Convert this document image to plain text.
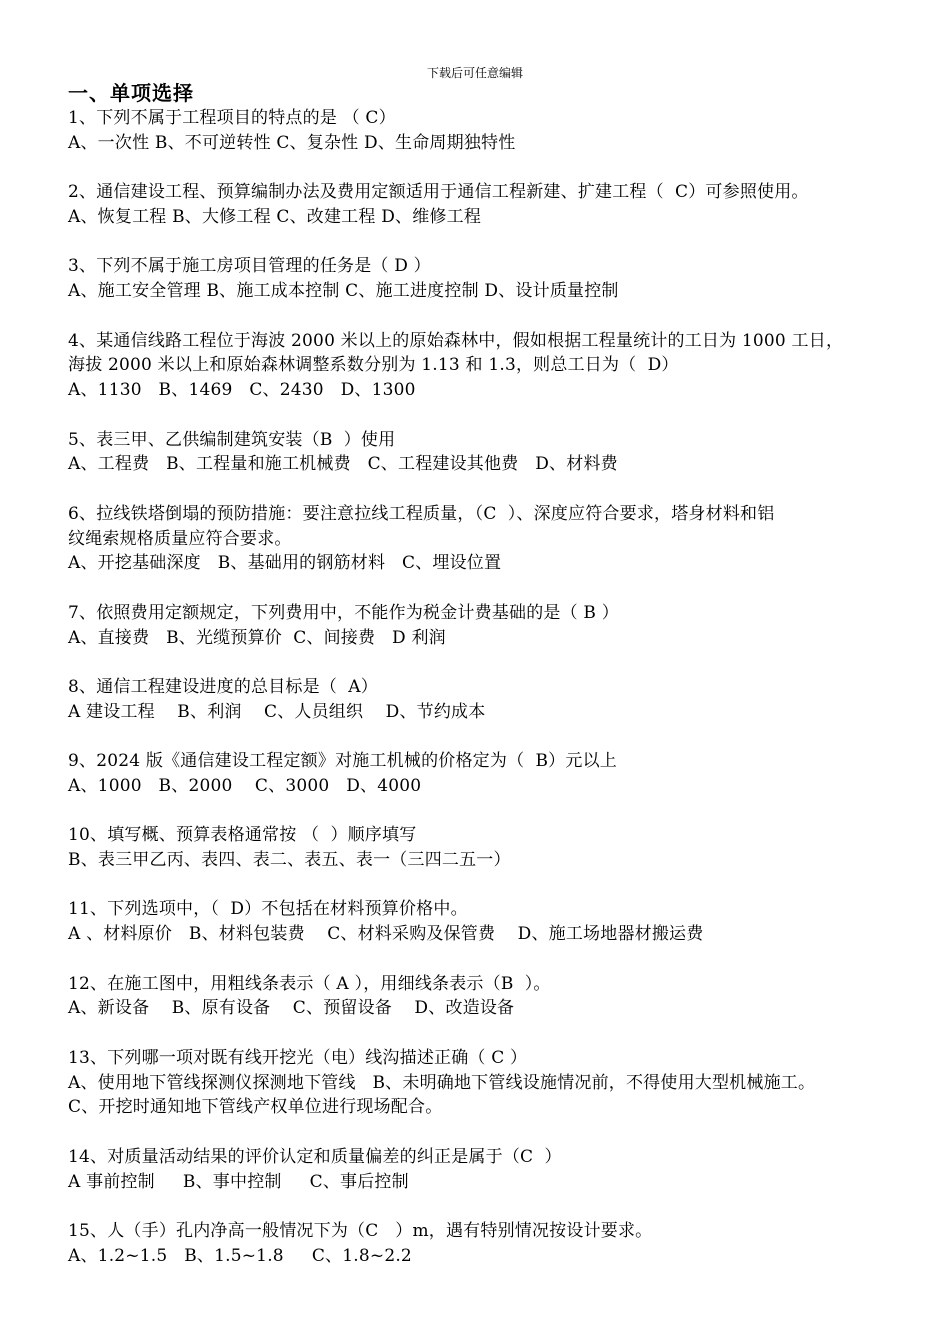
下载后可任意编辑
一、单项选择
1、下列不属于工程项目的特点的是 （ C）
A、一次性 B、不可逆转性 C、复杂性 D、生命周期独特性
2、通信建设工程、预算编制办法及费用定额适用于通信工程新建、扩建工程（  C）可参照使用。
A、恢复工程 B、大修工程 C、改建工程 D、维修工程
3、下列不属于施工房项目管理的任务是（ D ）
A、施工安全管理 B、施工成本控制 C、施工进度控制 D、设计质量控制
4、某通信线路工程位于海波 2000 米以上的原始森林中，假如根据工程量统计的工日为 1000 工日，
海拔 2000 米以上和原始森林调整系数分别为 1.13 和 1.3，则总工日为（  D）
A、1130   B、1469   C、2430   D、1300
5、表三甲、乙供编制建筑安装（B  ）使用
A、工程费   B、工程量和施工机械费   C、工程建设其他费   D、材料费
6、拉线铁塔倒塌的预防措施：要注意拉线工程质量，（C  ）、深度应符合要求，塔身材料和铝
纹绳索规格质量应符合要求。
A、开挖基础深度   B、基础用的钢筋材料   C、埋设位置
7、依照费用定额规定，下列费用中，不能作为税金计费基础的是（ B ）
A、直接费   B、光缆预算价  C、间接费   D 利润
8、通信工程建设进度的总目标是（  A）
A 建设工程    B、利润    C、人员组织    D、节约成本
9、2024 版《通信建设工程定额》对施工机械的价格定为（  B）元以上
A、1000   B、2000    C、3000   D、4000
10、填写概、预算表格通常按 （  ）顺序填写
B、表三甲乙丙、表四、表二、表五、表一（三四二五一）
11、下列选项中，（  D）不包括在材料预算价格中。
A 、材料原价   B、材料包装费    C、材料采购及保管费    D、施工场地器材搬运费
12、在施工图中，用粗线条表示（ A ），用细线条表示（B  ）。
A、新设备    B、原有设备    C、预留设备    D、改造设备
13、下列哪一项对既有线开挖光（电）线沟描述正确（ C ）
A、使用地下管线探测仪探测地下管线   B、未明确地下管线设施情况前，不得使用大型机械施工。
C、开挖时通知地下管线产权单位进行现场配合。
14、对质量活动结果的评价认定和质量偏差的纠正是属于（C  ）
A 事前控制     B、事中控制     C、事后控制
15、人（手）孔内净高一般情况下为（C   ）m，遇有特别情况按设计要求。
A、1.2~1.5   B、1.5~1.8     C、1.8~2.2
